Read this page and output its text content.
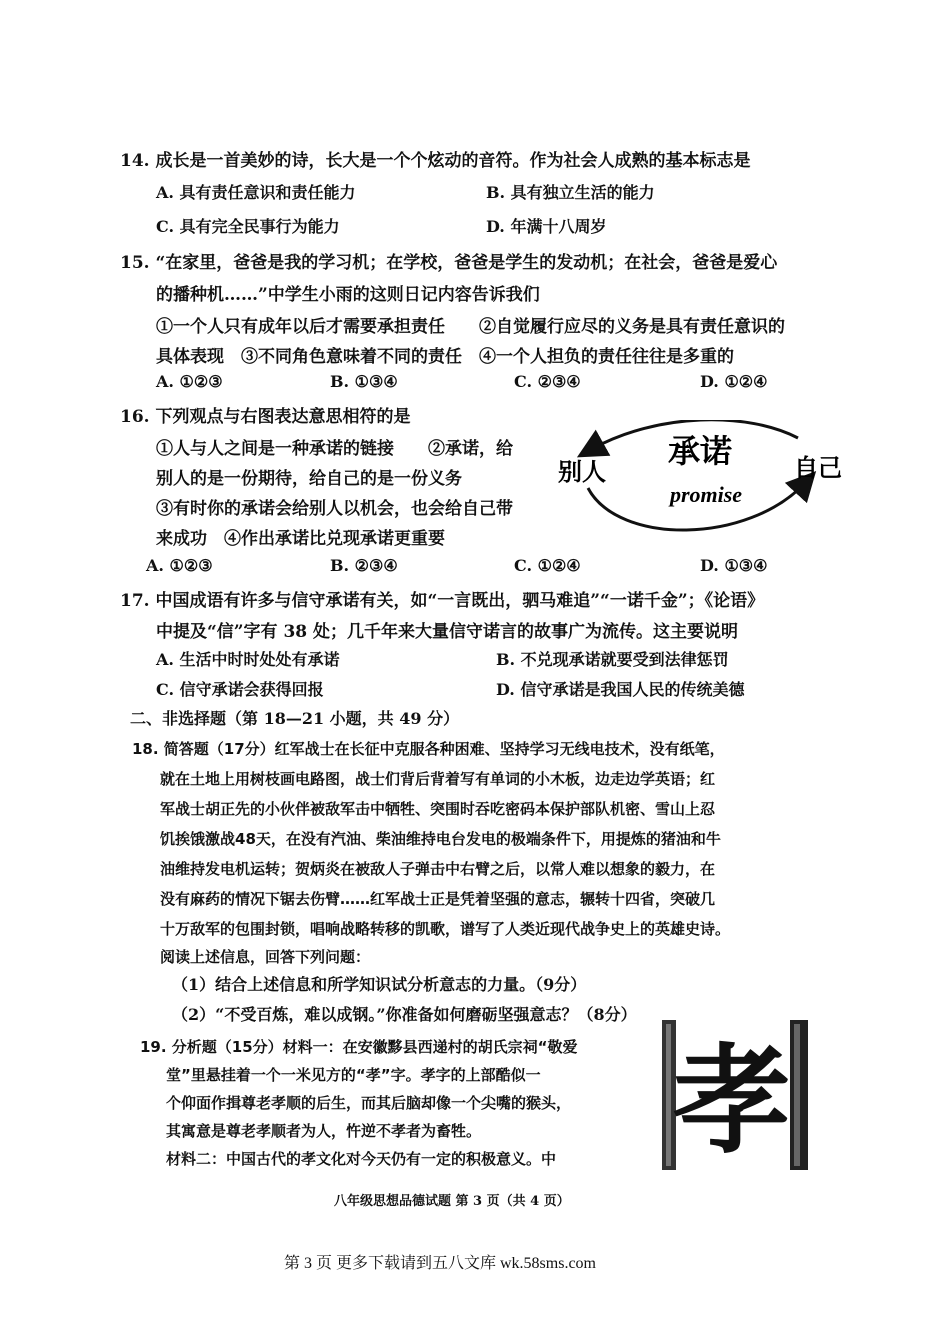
14. 成长是一首美妙的诗，长大是一个个炫动的音符。作为社会人成熟的基本标志是
A. 具有责任意识和责任能力	B. 具有独立生活的能力
C. 具有完全民事行为能力	D. 年满十八周岁
15. “在家里，爸爸是我的学习机；在学校，爸爸是学生的发动机；在社会，爸爸是爱心
的播种机……”中学生小雨的这则日记内容告诉我们
①一个人只有成年以后才需要承担责任　　②自觉履行应尽的义务是具有责任意识的
具体表现　③不同角色意味着不同的责任　④一个人担负的责任往往是多重的
A. ①②③	B. ①③④	C. ②③④	D. ①②④
16. 下列观点与右图表达意思相符的是
①人与人之间是一种承诺的链接　　②承诺，给
别人的是一份期待，给自己的是一份义务
③有时你的承诺会给别人以机会，也会给自己带
来成功　④作出承诺比兑现承诺更重要
A. ①②③	B. ②③④	C. ①②④	D. ①③④
承诺
promise
别人	自己
17. 中国成语有许多与信守承诺有关，如“一言既出，驷马难追”“一诺千金”；《论语》
中提及“信”字有 38 处；几千年来大量信守诺言的故事广为流传。这主要说明
A. 生活中时时处处有承诺	B. 不兑现承诺就要受到法律惩罚
C. 信守承诺会获得回报	D. 信守承诺是我国人民的传统美德
二、非选择题（第 18—21 小题，共 49 分）
18. 简答题（17分）红军战士在长征中克服各种困难、坚持学习无线电技术，没有纸笔，
就在土地上用树枝画电路图，战士们背后背着写有单词的小木板，边走边学英语；红
军战士胡正先的小伙伴被敌军击中牺牲、突围时吞吃密码本保护部队机密、雪山上忍
饥挨饿激战48天，在没有汽油、柴油维持电台发电的极端条件下，用提炼的猪油和牛
油维持发电机运转；贺炳炎在被敌人子弹击中右臂之后，以常人难以想象的毅力，在
没有麻药的情况下锯去伤臂……红军战士正是凭着坚强的意志，辗转十四省，突破几
十万敌军的包围封锁，唱响战略转移的凯歌，谱写了人类近现代战争史上的英雄史诗。
阅读上述信息，回答下列问题：
（1）结合上述信息和所学知识试分析意志的力量。（9分）
（2）“不受百炼，难以成钢。”你准备如何磨砺坚强意志？（8分）
19. 分析题（15分）材料一：在安徽黟县西递村的胡氏宗祠“敬爱
堂”里悬挂着一个一米见方的“孝”字。孝字的上部酷似一
个仰面作揖尊老孝顺的后生，而其后脑却像一个尖嘴的猴头，
其寓意是尊老孝顺者为人，忤逆不孝者为畜牲。
材料二：中国古代的孝文化对今天仍有一定的积极意义。中 孝
八年级思想品德试题 第 3 页（共 4 页）
第 3 页 更多下载请到五八文库 wk.58sms.com
